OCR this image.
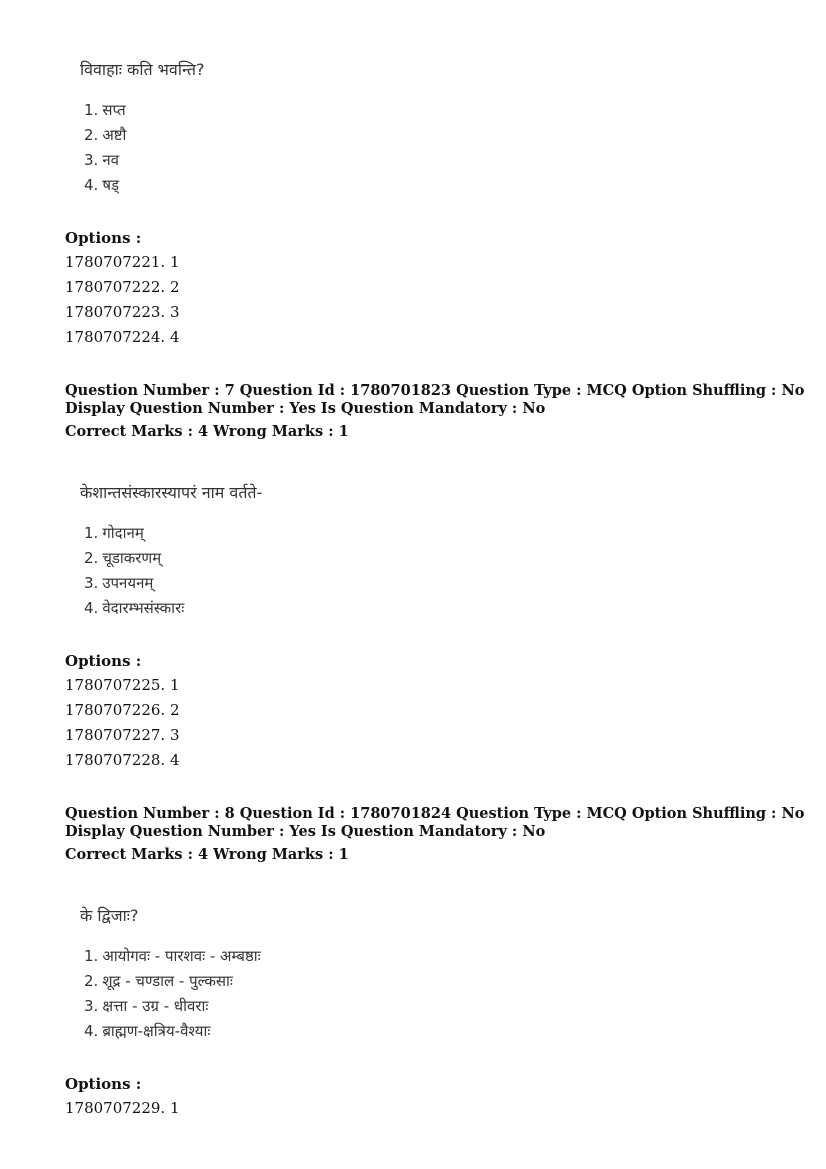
विवाहाः कति भवन्ति?
1. सप्त
2. अष्टौ
3. नव
4. षड्
Options :
1780707221. 1
1780707222. 2
1780707223. 3
1780707224. 4
Question Number : 7 Question Id : 1780701823 Question Type : MCQ Option Shuffling : No
Display Question Number : Yes Is Question Mandatory : No
Correct Marks : 4 Wrong Marks : 1
केशान्तसंस्कारस्यापरं नाम वर्तते-
1. गोदानम्
2. चूडाकरणम्
3. उपनयनम्
4. वेदारम्भसंस्कारः
Options :
1780707225. 1
1780707226. 2
1780707227. 3
1780707228. 4
Question Number : 8 Question Id : 1780701824 Question Type : MCQ Option Shuffling : No
Display Question Number : Yes Is Question Mandatory : No
Correct Marks : 4 Wrong Marks : 1
के द्विजाः?
1. आयोगवः - पारशवः - अम्बष्ठाः
2. शूद्र - चण्डाल - पुल्कसाः
3. क्षत्ता - उग्र - धीवराः
4. ब्राह्मण-क्षत्रिय-वैश्याः
Options :
1780707229. 1
